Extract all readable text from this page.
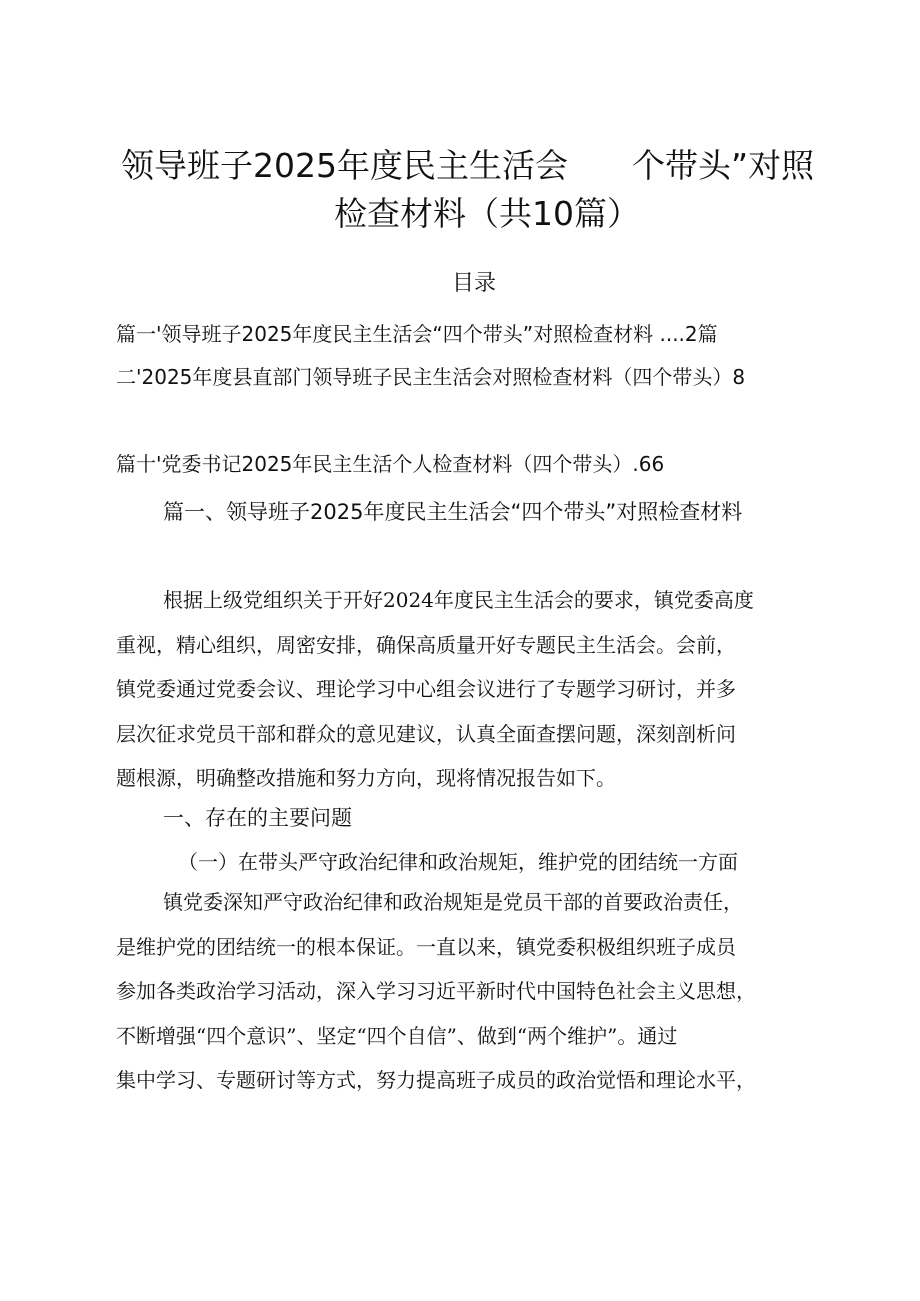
领导班子2025年度民主生活会 个带头”对照
检查材料（共10篇）
目录
篇一'领导班子2025年度民主生活会“四个带头”对照检查材料 ....2篇
二'2025年度县直部门领导班子民主生活会对照检查材料（四个带头）8
篇十'党委书记2025年民主生活个人检查材料（四个带头）.66
篇一、领导班子2025年度民主生活会“四个带头”对照检查材料
根据上级党组织关于开好2024年度民主生活会的要求，镇党委高度
重视，精心组织，周密安排，确保高质量开好专题民主生活会。会前，
镇党委通过党委会议、理论学习中心组会议进行了专题学习研讨，并多
层次征求党员干部和群众的意见建议，认真全面查摆问题，深刻剖析问
题根源，明确整改措施和努力方向，现将情况报告如下。
一、存在的主要问题
（一）在带头严守政治纪律和政治规矩，维护党的团结统一方面
镇党委深知严守政治纪律和政治规矩是党员干部的首要政治责任，
是维护党的团结统一的根本保证。一直以来，镇党委积极组织班子成员
参加各类政治学习活动，深入学习习近平新时代中国特色社会主义思想，
不断增强“四个意识”、坚定“四个自信”、做到“两个维护”。通过
集中学习、专题研讨等方式，努力提高班子成员的政治觉悟和理论水平，
